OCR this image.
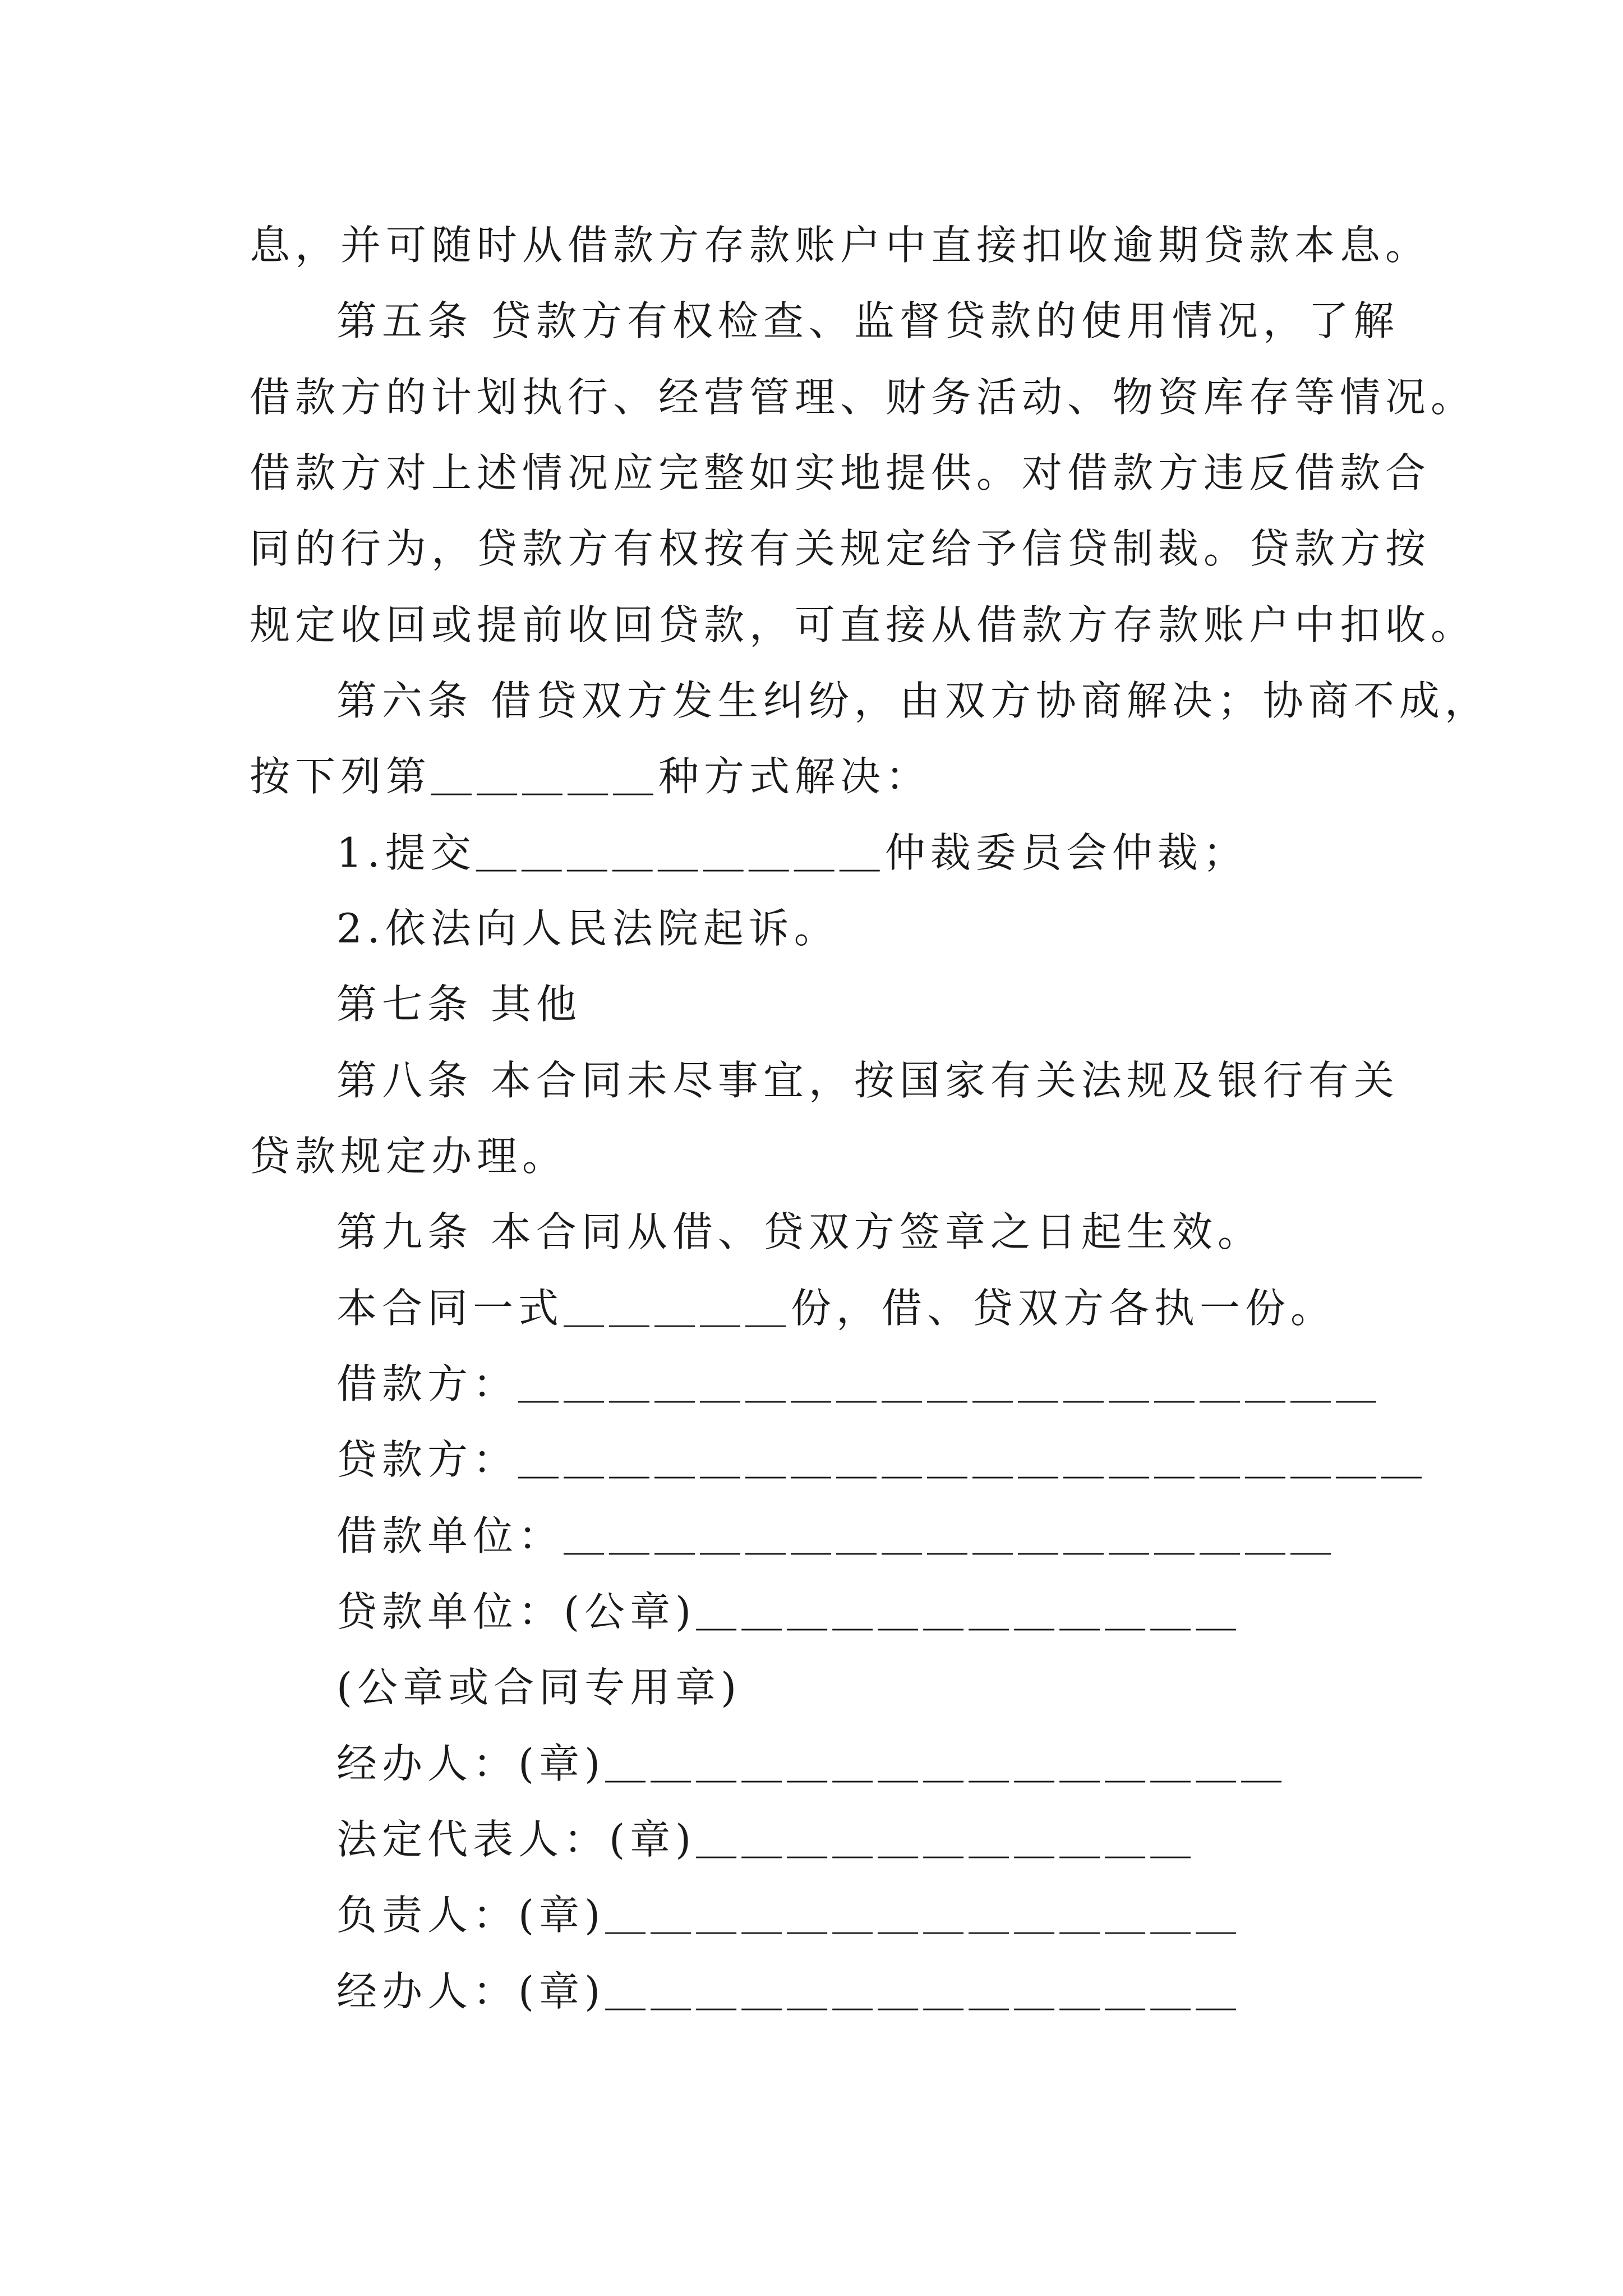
息，并可随时从借款方存款账户中直接扣收逾期贷款本息。
第五条 贷款方有权检查、监督贷款的使用情况，了解
借款方的计划执行、经营管理、财务活动、物资库存等情况。
借款方对上述情况应完整如实地提供。对借款方违反借款合
同的行为，贷款方有权按有关规定给予信贷制裁。贷款方按
规定收回或提前收回贷款，可直接从借款方存款账户中扣收。
第六条 借贷双方发生纠纷，由双方协商解决；协商不成，
按下列第＿＿＿＿＿种方式解决：
1.提交＿＿＿＿＿＿＿＿＿仲裁委员会仲裁；
2.依法向人民法院起诉。
第七条 其他
第八条 本合同未尽事宜，按国家有关法规及银行有关
贷款规定办理。
第九条 本合同从借、贷双方签章之日起生效。
本合同一式＿＿＿＿＿份，借、贷双方各执一份。
借款方：＿＿＿＿＿＿＿＿＿＿＿＿＿＿＿＿＿＿＿
贷款方：＿＿＿＿＿＿＿＿＿＿＿＿＿＿＿＿＿＿＿＿
借款单位：＿＿＿＿＿＿＿＿＿＿＿＿＿＿＿＿＿
贷款单位：(公章)＿＿＿＿＿＿＿＿＿＿＿＿
(公章或合同专用章)
经办人：(章)＿＿＿＿＿＿＿＿＿＿＿＿＿＿＿
法定代表人：(章)＿＿＿＿＿＿＿＿＿＿＿
负责人：(章)＿＿＿＿＿＿＿＿＿＿＿＿＿＿
经办人：(章)＿＿＿＿＿＿＿＿＿＿＿＿＿＿
